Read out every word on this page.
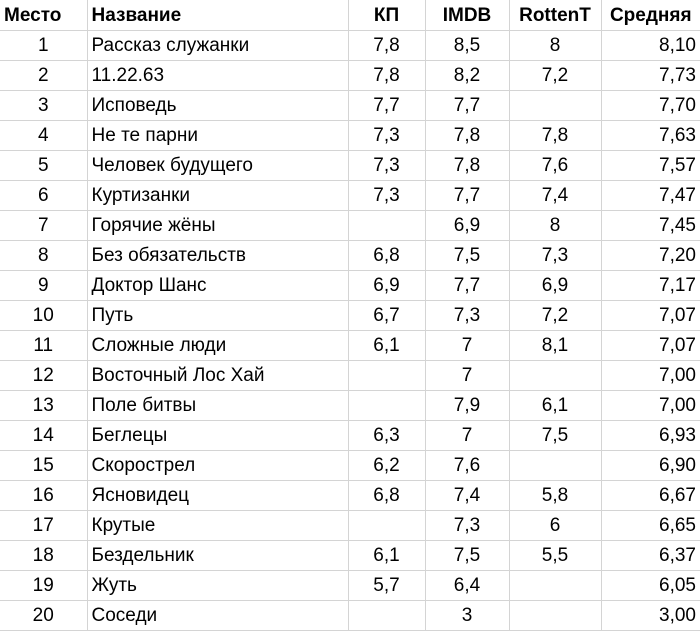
Место	Название	КП	IMDB	RottenT	Средняя
1	Рассказ служанки	7,8	8,5	8	8,10
2	11.22.63	7,8	8,2	7,2	7,73
3	Исповедь	7,7	7,7		7,70
4	Не те парни	7,3	7,8	7,8	7,63
5	Человек будущего	7,3	7,8	7,6	7,57
6	Куртизанки	7,3	7,7	7,4	7,47
7	Горячие жёны		6,9	8	7,45
8	Без обязательств	6,8	7,5	7,3	7,20
9	Доктор Шанс	6,9	7,7	6,9	7,17
10	Путь	6,7	7,3	7,2	7,07
11	Сложные люди	6,1	7	8,1	7,07
12	Восточный Лос Хай		7		7,00
13	Поле битвы		7,9	6,1	7,00
14	Беглецы	6,3	7	7,5	6,93
15	Скорострел	6,2	7,6		6,90
16	Ясновидец	6,8	7,4	5,8	6,67
17	Крутые		7,3	6	6,65
18	Бездельник	6,1	7,5	5,5	6,37
19	Жуть	5,7	6,4		6,05
20	Соседи		3		3,00
